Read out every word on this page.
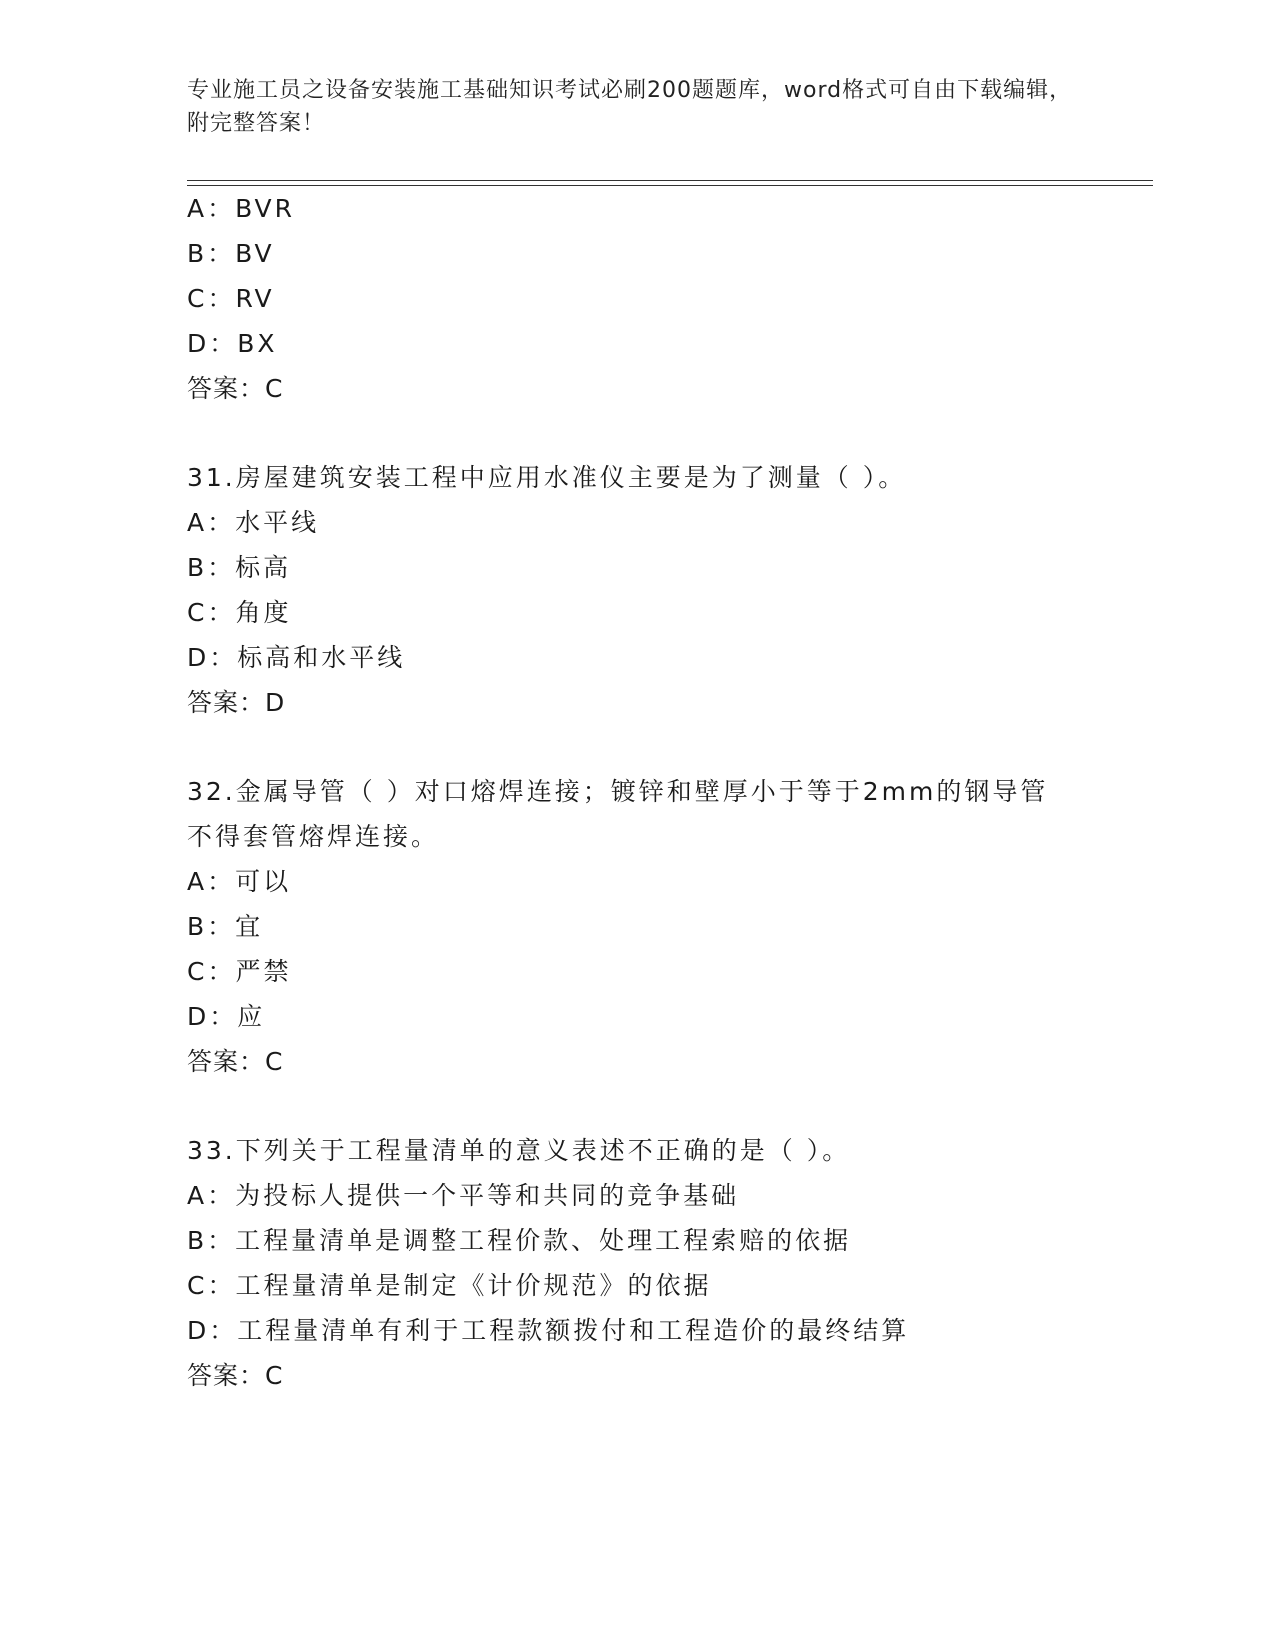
专业施工员之设备安装施工基础知识考试必刷200题题库，word格式可自由下载编辑，附完整答案！
A：BVR
B：BV
C：RV
D：BX
答案：C
31.房屋建筑安装工程中应用水准仪主要是为了测量（ ）。
A：水平线
B：标高
C：角度
D：标高和水平线
答案：D
32.金属导管（ ）对口熔焊连接；镀锌和壁厚小于等于2mm的钢导管
不得套管熔焊连接。
A：可以
B：宜
C：严禁
D：应
答案：C
33.下列关于工程量清单的意义表述不正确的是（ ）。
A：为投标人提供一个平等和共同的竞争基础
B：工程量清单是调整工程价款、处理工程索赔的依据
C：工程量清单是制定《计价规范》的依据
D：工程量清单有利于工程款额拨付和工程造价的最终结算
答案：C
